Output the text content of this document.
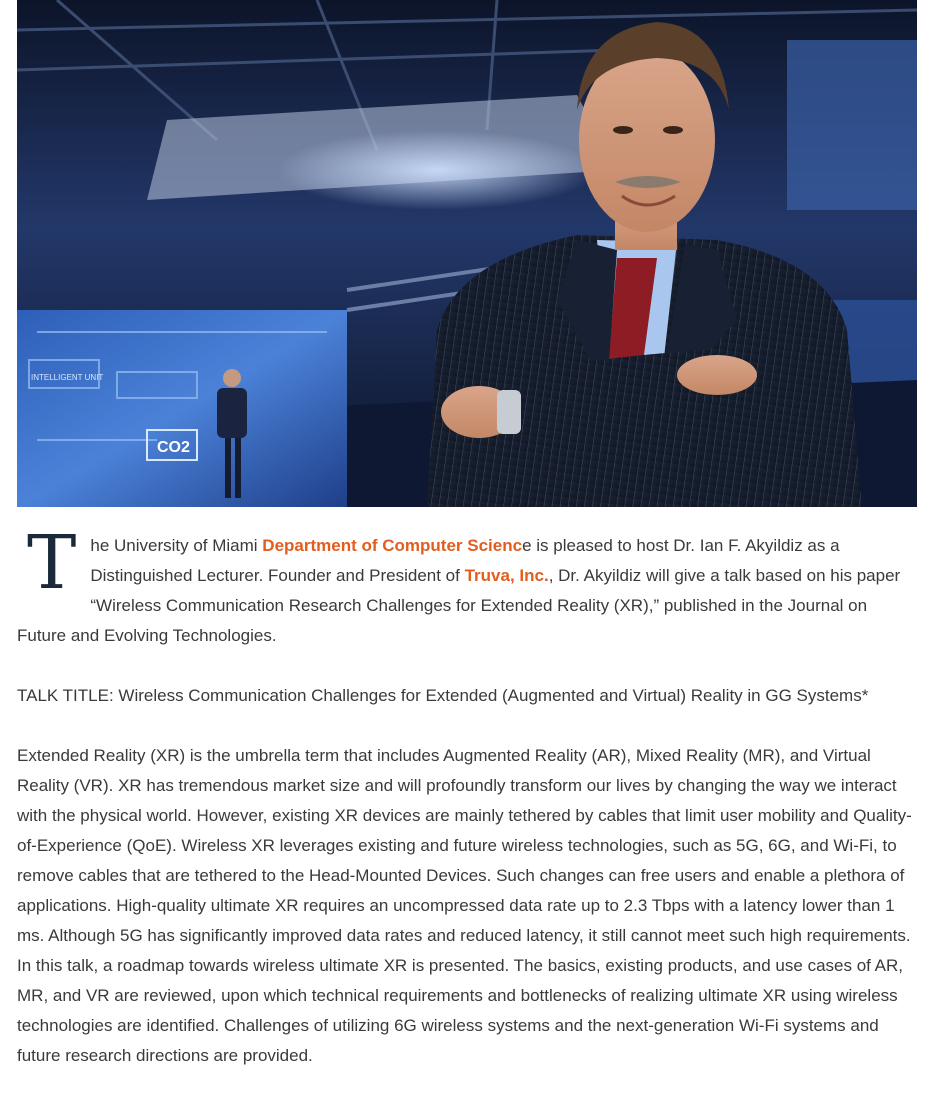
INTELLIGENT UNIT
CO2

The University of Miami Department of Computer Science is pleased to host Dr. Ian F. Akyildiz as a Distinguished Lecturer. Founder and President of Truva, Inc., Dr. Akyildiz will give a talk based on his paper “Wireless Communication Research Challenges for Extended Reality (XR),” published in the Journal on Future and Evolving Technologies.

TALK TITLE: Wireless Communication Challenges for Extended (Augmented and Virtual) Reality in GG Systems*

Extended Reality (XR) is the umbrella term that includes Augmented Reality (AR), Mixed Reality (MR), and Virtual Reality (VR). XR has tremendous market size and will profoundly transform our lives by changing the way we interact with the physical world. However, existing XR devices are mainly tethered by cables that limit user mobility and Quality-of-Experience (QoE). Wireless XR leverages existing and future wireless technologies, such as 5G, 6G, and Wi-Fi, to remove cables that are tethered to the Head-Mounted Devices. Such changes can free users and enable a plethora of applications. High-quality ultimate XR requires an uncompressed data rate up to 2.3 Tbps with a latency lower than 1 ms. Although 5G has significantly improved data rates and reduced latency, it still cannot meet such high requirements. In this talk, a roadmap towards wireless ultimate XR is presented. The basics, existing products, and use cases of AR, MR, and VR are reviewed, upon which technical requirements and bottlenecks of realizing ultimate XR using wireless technologies are identified. Challenges of utilizing 6G wireless systems and the next-generation Wi-Fi systems and future research directions are provided.
